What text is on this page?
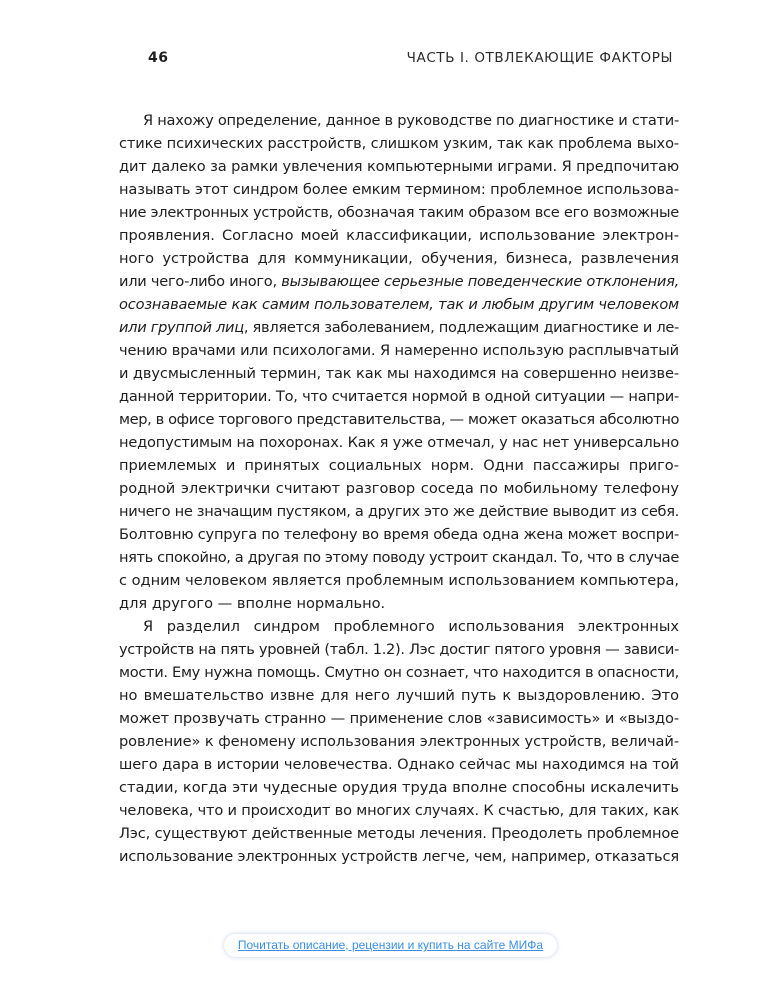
46	ЧАСТЬ I. ОТВЛЕКАЮЩИЕ ФАКТОРЫ
Я нахожу определение, данное в руководстве по диагностике и стати-
стике психических расстройств, слишком узким, так как проблема выхо-
дит далеко за рамки увлечения компьютерными играми. Я предпочитаю
называть этот синдром более емким термином: проблемное использова-
ние электронных устройств, обозначая таким образом все его возможные
проявления. Согласно моей классификации, использование электрон-
ного устройства для коммуникации, обучения, бизнеса, развлечения
или чего-либо иного, вызывающее серьезные поведенческие отклонения,
осознаваемые как самим пользователем, так и любым другим человеком
или группой лиц, является заболеванием, подлежащим диагностике и ле-
чению врачами или психологами. Я намеренно использую расплывчатый
и двусмысленный термин, так как мы находимся на совершенно неизве-
данной территории. То, что считается нормой в одной ситуации — напри-
мер, в офисе торгового представительства, — может оказаться абсолютно
недопустимым на похоронах. Как я уже отмечал, у нас нет универсально
приемлемых и принятых социальных норм. Одни пассажиры приго-
родной электрички считают разговор соседа по мобильному телефону
ничего не значащим пустяком, а других это же действие выводит из себя.
Болтовню супруга по телефону во время обеда одна жена может воспри-
нять спокойно, а другая по этому поводу устроит скандал. То, что в случае
с одним человеком является проблемным использованием компьютера,
для другого — вполне нормально.
Я разделил синдром проблемного использования электронных
устройств на пять уровней (табл. 1.2). Лэс достиг пятого уровня — зависи-
мости. Ему нужна помощь. Смутно он сознает, что находится в опасности,
но вмешательство извне для него лучший путь к выздоровлению. Это
может прозвучать странно — применение слов «зависимость» и «выздо-
ровление» к феномену использования электронных устройств, величай-
шего дара в истории человечества. Однако сейчас мы находимся на той
стадии, когда эти чудесные орудия труда вполне способны искалечить
человека, что и происходит во многих случаях. К счастью, для таких, как
Лэс, существуют действенные методы лечения. Преодолеть проблемное
использование электронных устройств легче, чем, например, отказаться
Почитать описание, рецензии и купить на сайте МИФа
